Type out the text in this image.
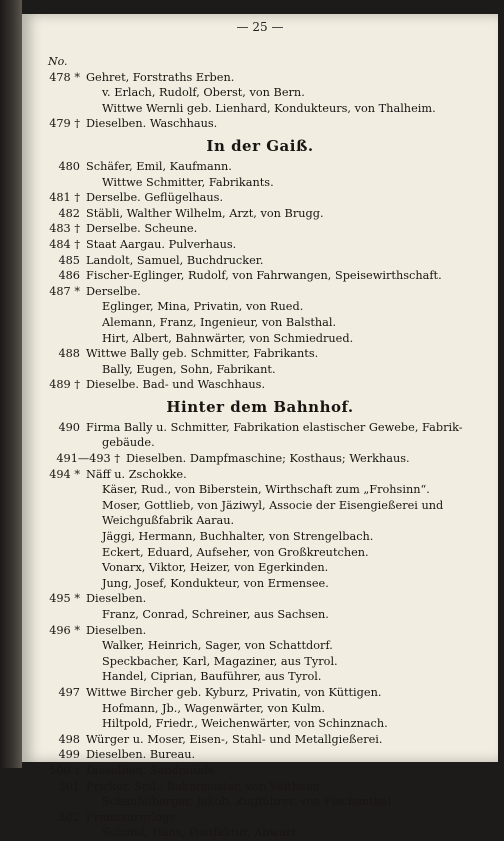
— 25 —
No.
478 * Gehret, Forstraths Erben.
v. Erlach, Rudolf, Oberst, von Bern.
Wittwe Wernli geb. Lienhard, Kondukteurs, von Thalheim.
479 † Dieselben. Waschhaus.
In der Gaiß.
480 Schäfer, Emil, Kaufmann.
Wittwe Schmitter, Fabrikants.
481 † Derselbe. Geflügelhaus.
482 Stäbli, Walther Wilhelm, Arzt, von Brugg.
483 † Derselbe. Scheune.
484 † Staat Aargau. Pulverhaus.
485 Landolt, Samuel, Buchdrucker.
486 Fischer-Eglinger, Rudolf, von Fahrwangen, Speisewirthschaft.
487 * Derselbe.
Eglinger, Mina, Privatin, von Rued.
Alemann, Franz, Ingenieur, von Balsthal.
Hirt, Albert, Bahnwärter, von Schmiedrued.
488 Wittwe Bally geb. Schmitter, Fabrikants.
Bally, Eugen, Sohn, Fabrikant.
489 † Dieselbe. Bad- und Waschhaus.
Hinter dem Bahnhof.
490 Firma Bally u. Schmitter, Fabrikation elastischer Gewebe, Fabrik-
gebäude.
491—493 † Dieselben. Dampfmaschine; Kosthaus; Werkhaus.
494 * Näff u. Zschokke.
Käser, Rud., von Biberstein, Wirthschaft zum „Frohsinn“.
Moser, Gottlieb, von Jäziwyl, Associe der Eisengießerei und
Weichgußfabrik Aarau.
Jäggi, Hermann, Buchhalter, von Strengelbach.
Eckert, Eduard, Aufseher, von Großkreutchen.
Vonarx, Viktor, Heizer, von Egerkinden.
Jung, Josef, Kondukteur, von Ermensee.
495 * Dieselben.
Franz, Conrad, Schreiner, aus Sachsen.
496 * Dieselben.
Walker, Heinrich, Sager, von Schattdorf.
Speckbacher, Karl, Magaziner, aus Tyrol.
Handel, Ciprian, Bauführer, aus Tyrol.
497 Wittwe Bircher geb. Kyburz, Privatin, von Küttigen.
Hofmann, Jb., Wagenwärter, von Kulm.
Hiltpold, Friedr., Weichenwärter, von Schinznach.
498 Würger u. Moser, Eisen-, Stahl- und Metallgießerei.
499 Dieselben. Bureau.
500 † Dieselben. Sandmühle.
501 Fricker, Sml., Bahnmeister, von Veltheim.
Schaufelberger, Jakob, Zugführer, von Fischenthal.
502 Freimaurerloge.
Schmid, Hans, Postfaktur, Abwart.
